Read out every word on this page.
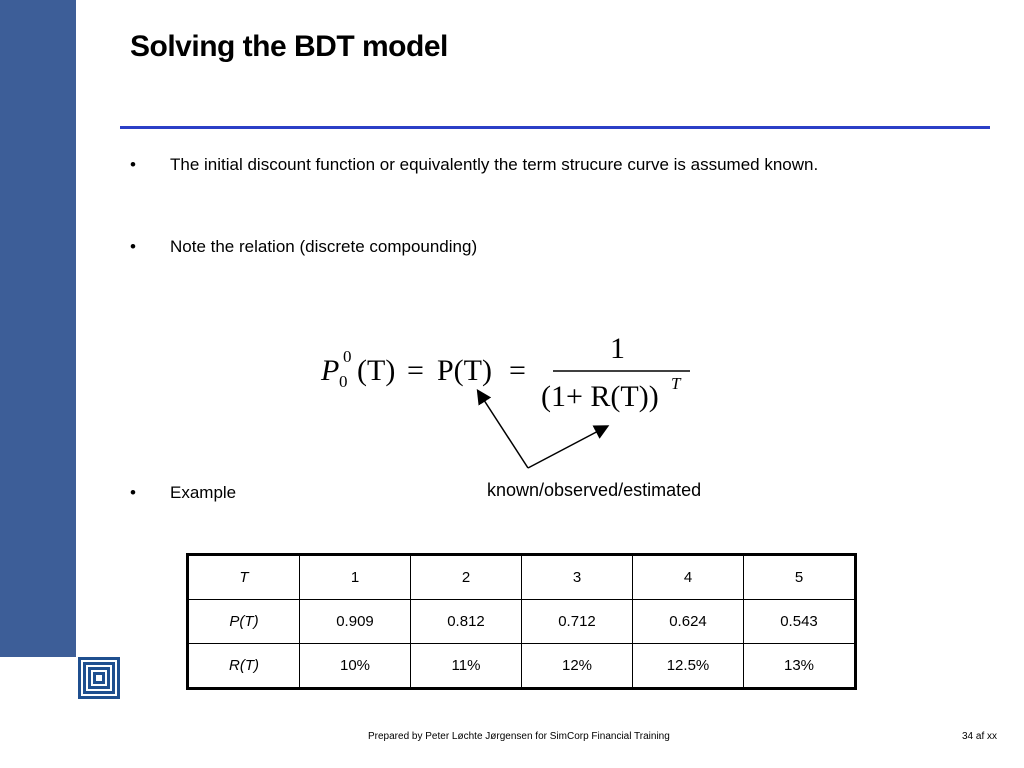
Solving the BDT model
• The initial discount function or equivalently the term strucure curve is assumed known.
• Note the relation (discrete compounding)
• Example
P 0
0 (T) = P(T) =
1
(1+ R(T)) T
known/observed/estimated
T	1	2	3	4	5
P(T)	0.909	0.812	0.712	0.624	0.543
R(T)	10%	11%	12%	12.5%	13%
Prepared by Peter Løchte Jørgensen for SimCorp Financial Training	34 af xx
